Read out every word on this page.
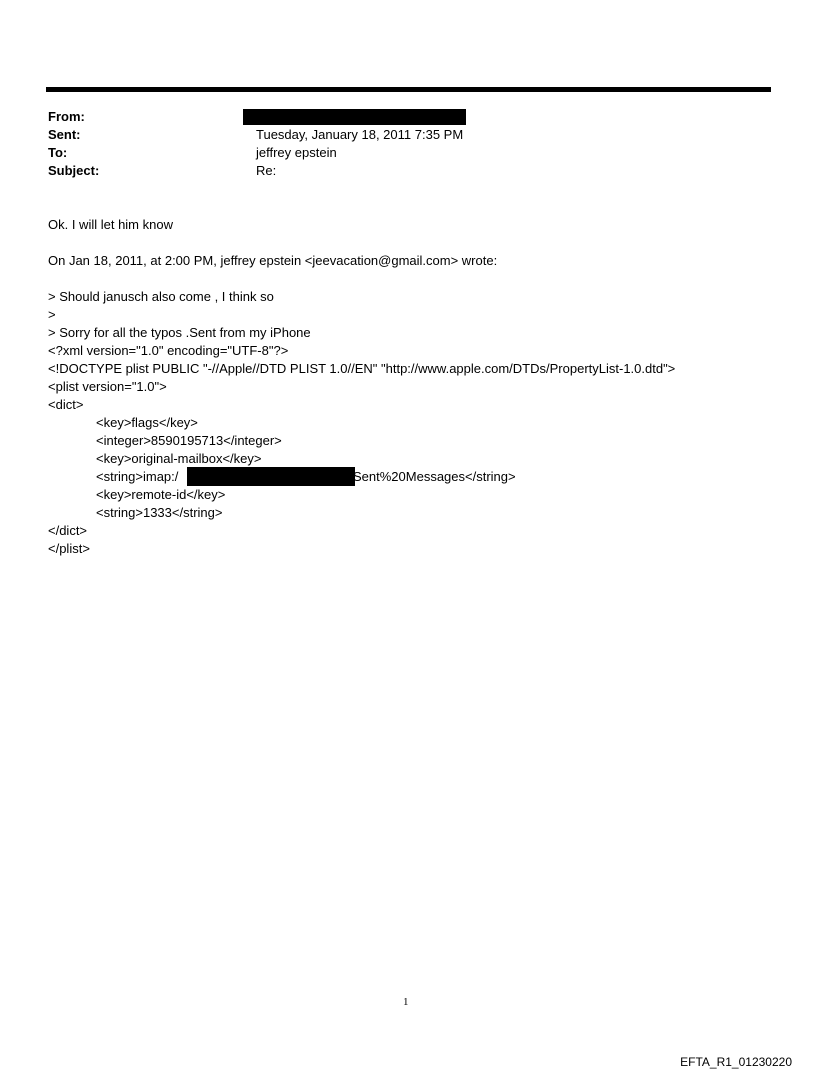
From:
Sent:	Tuesday, January 18, 2011 7:35 PM
To:	jeffrey epstein
Subject:	Re:
Ok. I will let him know
On Jan 18, 2011, at 2:00 PM, jeffrey epstein <jeevacation@gmail.com> wrote:
> Should janusch also come , I think so
>
> Sorry for all the typos .Sent from my iPhone
<?xml version="1.0" encoding="UTF-8"?>
<!DOCTYPE plist PUBLIC "-//Apple//DTD PLIST 1.0//EN" "http://www.apple.com/DTDs/PropertyList-1.0.dtd">
<plist version="1.0">
<dict>
<key>flags</key>
<integer>8590195713</integer>
<key>original-mailbox</key>
<string>imap:/	Sent%20Messages</string>
<key>remote-id</key>
<string>1333</string>
</dict>
</plist>
1
EFTA_R1_01230220
